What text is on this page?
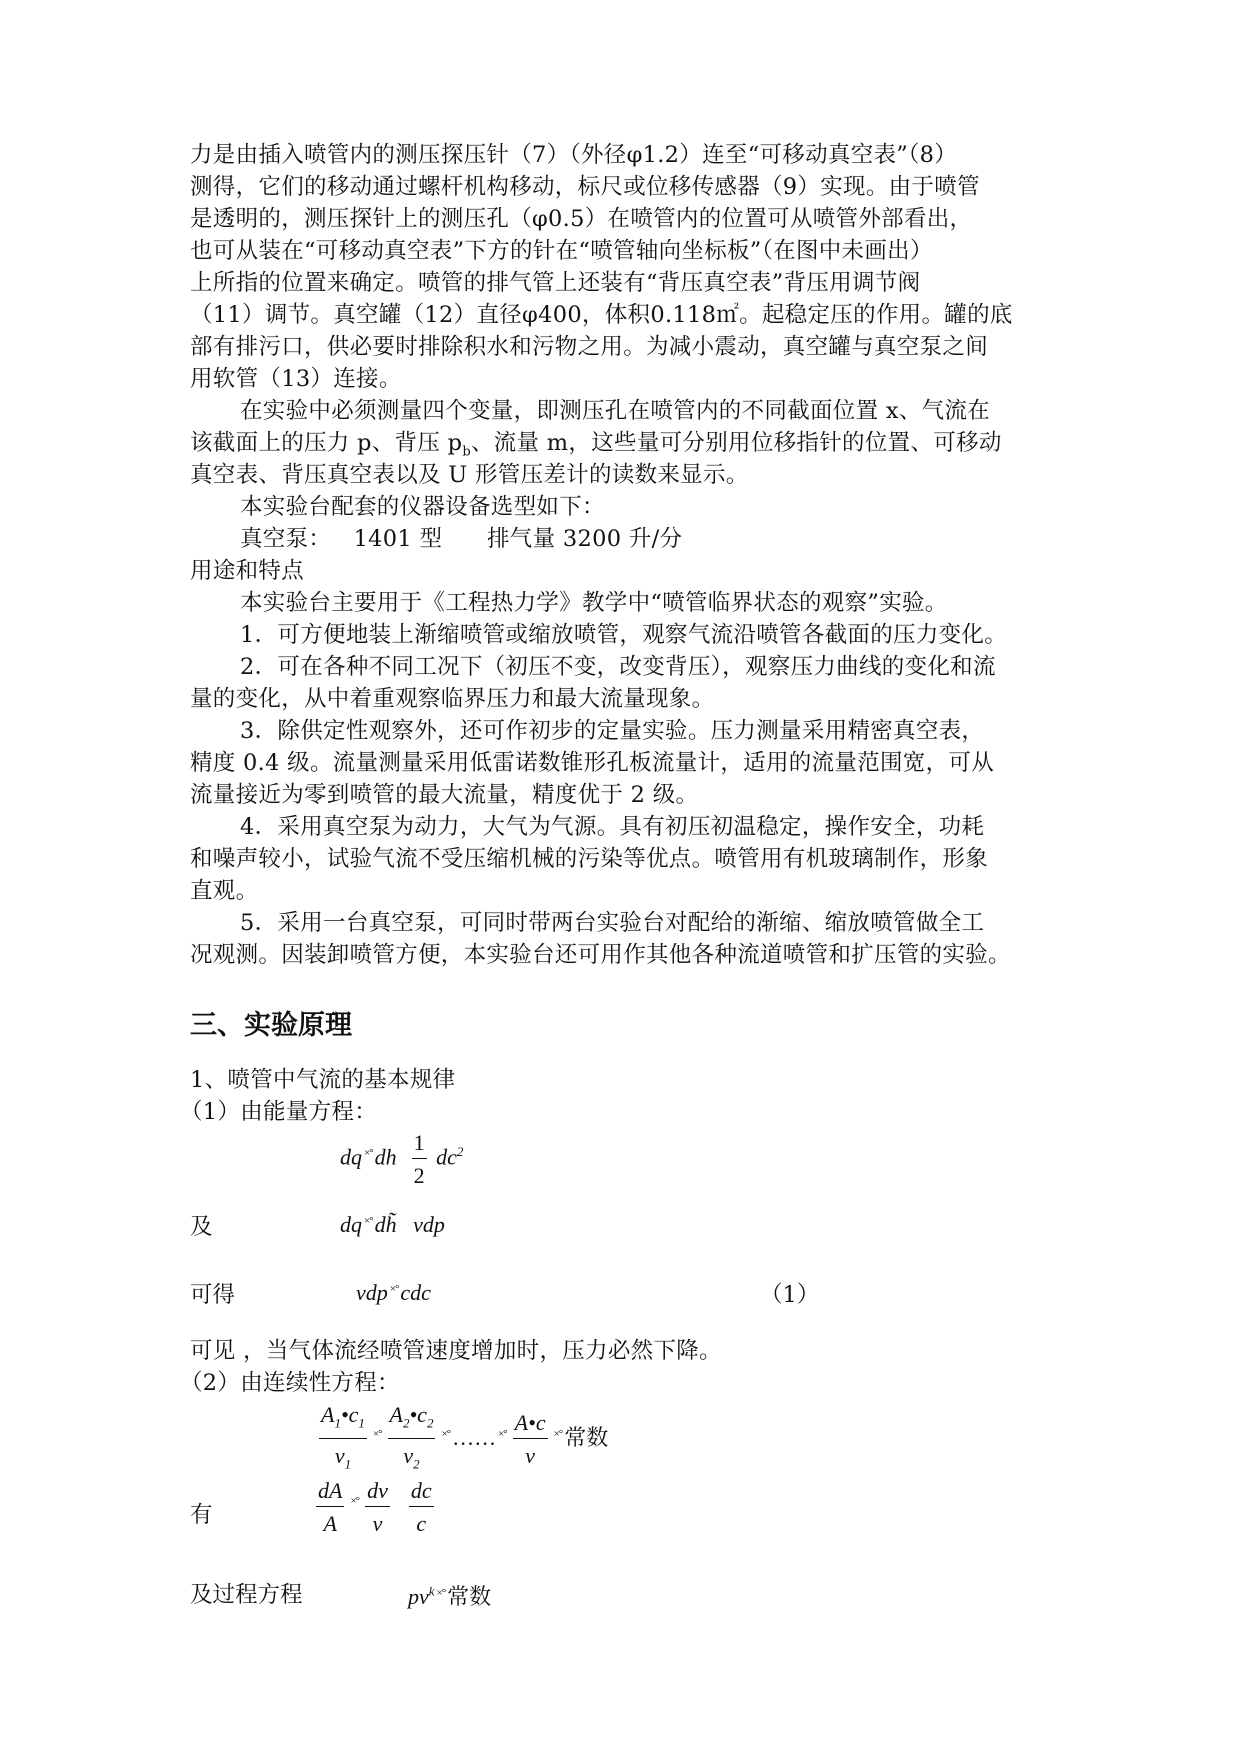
力是由插入喷管内的测压探压针（7）（外径φ1.2）连至“可移动真空表”（8）
测得，它们的移动通过螺杆机构移动，标尺或位移传感器（9）实现。由于喷管
是透明的，测压探针上的测压孔（φ0.5）在喷管内的位置可从喷管外部看出，
也可从装在“可移动真空表”下方的针在“喷管轴向坐标板”（在图中未画出）
上所指的位置来确定。喷管的排气管上还装有“背压真空表”背压用调节阀
（11）调节。真空罐（12）直径φ400，体积0.118㎡。起稳定压的作用。罐的底
部有排污口，供必要时排除积水和污物之用。为减小震动，真空罐与真空泵之间
用软管（13）连接。
在实验中必须测量四个变量，即测压孔在喷管内的不同截面位置 x、气流在
该截面上的压力 p、背压 $p_b$、流量 m，这些量可分别用位移指针的位置、可移动
真空表、背压真空表以及 U 形管压差计的读数来显示。
本实验台配套的仪器设备选型如下：
真空泵： 1401 型 排气量 3200 升/分
用途和特点
本实验台主要用于《工程热力学》教学中“喷管临界状态的观察”实验。
1．可方便地装上渐缩喷管或缩放喷管，观察气流沿喷管各截面的压力变化。
2．可在各种不同工况下（初压不变，改变背压），观察压力曲线的变化和流
量的变化，从中着重观察临界压力和最大流量现象。
3．除供定性观察外，还可作初步的定量实验。压力测量采用精密真空表，
精度 0.4 级。流量测量采用低雷诺数锥形孔板流量计，适用的流量范围宽，可从
流量接近为零到喷管的最大流量，精度优于 2 级。
4．采用真空泵为动力，大气为气源。具有初压初温稳定，操作安全，功耗
和噪声较小，试验气流不受压缩机械的污染等优点。喷管用有机玻璃制作，形象
直观。
5．采用一台真空泵，可同时带两台实验台对配给的渐缩、缩放喷管做全工
况观测。因装卸喷管方便，本实验台还可用作其他各种流道喷管和扩压管的实验。
三、实验原理
1、喷管中气流的基本规律
（1）由能量方程：
dq $^{\times^\circ}dh \frac{1}{2} dc^2$
及	dq ×°dh̃ vdp
可得	vdp ×°cdc	（1）
可见 ，当气体流经喷管速度增加时，压力必然下降。
（2）由连续性方程：
$\frac{A_1•c_1}{v_1} ^{\times^\circ} \frac{A_2•c_2}{v_2}$ ×°…… $^{\times^\circ} \frac{A•c}{v} ^{\times^\circ}$常数
有	$\frac{dA}{A} ^{\times^\circ} \frac{dv}{v}$
$\frac{dc}{c}$
及过程方程	$pv^k$ ×°常数
